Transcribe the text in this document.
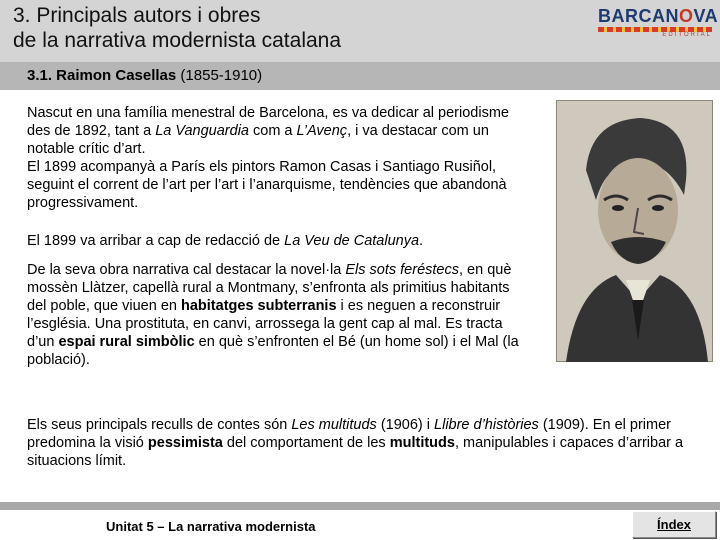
3. Principals autors i obres
de la narrativa modernista catalana
BARCANOVA
EDITORIAL
3.1. Raimon Casellas (1855-1910)

Nascut en una família menestral de Barcelona, es va dedicar al periodisme des de 1892, tant a La Vanguardia com a L’Avenç, i va destacar com un notable crític d’art.

El 1899 acompanyà a París els pintors Ramon Casas i Santiago Rusiñol, seguint el corrent de l’art per l’art i l’anarquisme, tendències que abandonà progressivament.

El 1899 va arribar a cap de redacció de La Veu de Catalunya.

De la seva obra narrativa cal destacar la novel·la Els sots feréstecs, en què mossèn Llàtzer, capellà rural a Montmany, s’enfronta als primitius habitants del poble, que viuen en habitatges subterranis i es neguen a reconstruir l’església. Una prostituta, en canvi, arrossega la gent cap al mal. Es tracta d’un espai rural simbòlic en què s’enfronten el Bé (un home sol) i el Mal (la població).

Els seus principals reculls de contes són Les multituds (1906) i Llibre d’històries (1909). En el primer predomina la visió pessimista del comportament de les multituds, manipulables i capaces d’arribar a situacions límit.

Unitat 5 – La narrativa modernista	Índex
